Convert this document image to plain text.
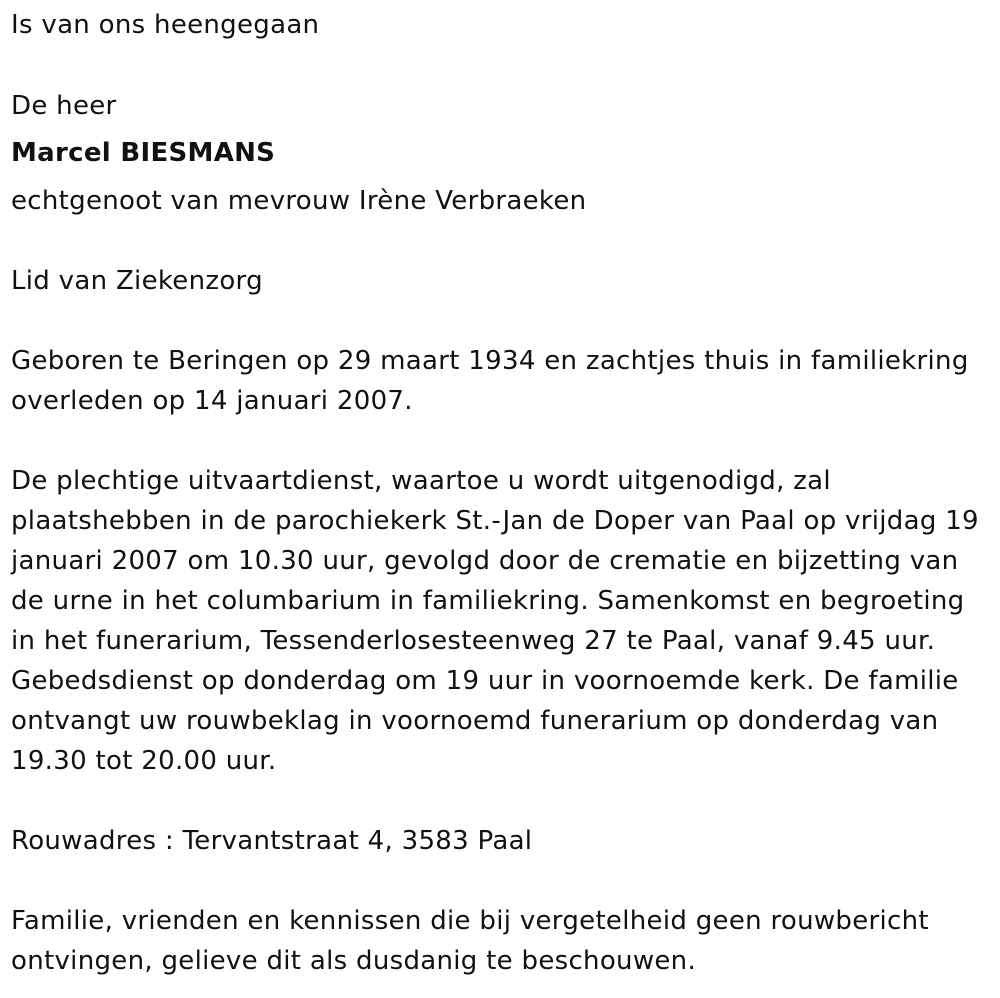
Is van ons heengegaan
De heer
Marcel BIESMANS
echtgenoot van mevrouw Irène Verbraeken
Lid van Ziekenzorg
Geboren te Beringen op 29 maart 1934 en zachtjes thuis in familiekring
overleden op 14 januari 2007.
De plechtige uitvaartdienst, waartoe u wordt uitgenodigd, zal
plaatshebben in de parochiekerk St.-Jan de Doper van Paal op vrijdag 19
januari 2007 om 10.30 uur, gevolgd door de crematie en bijzetting van
de urne in het columbarium in familiekring. Samenkomst en begroeting
in het funerarium, Tessenderlosesteenweg 27 te Paal, vanaf 9.45 uur.
Gebedsdienst op donderdag om 19 uur in voornoemde kerk. De familie
ontvangt uw rouwbeklag in voornoemd funerarium op donderdag van
19.30 tot 20.00 uur.
Rouwadres : Tervantstraat 4, 3583 Paal
Familie, vrienden en kennissen die bij vergetelheid geen rouwbericht
ontvingen, gelieve dit als dusdanig te beschouwen.
